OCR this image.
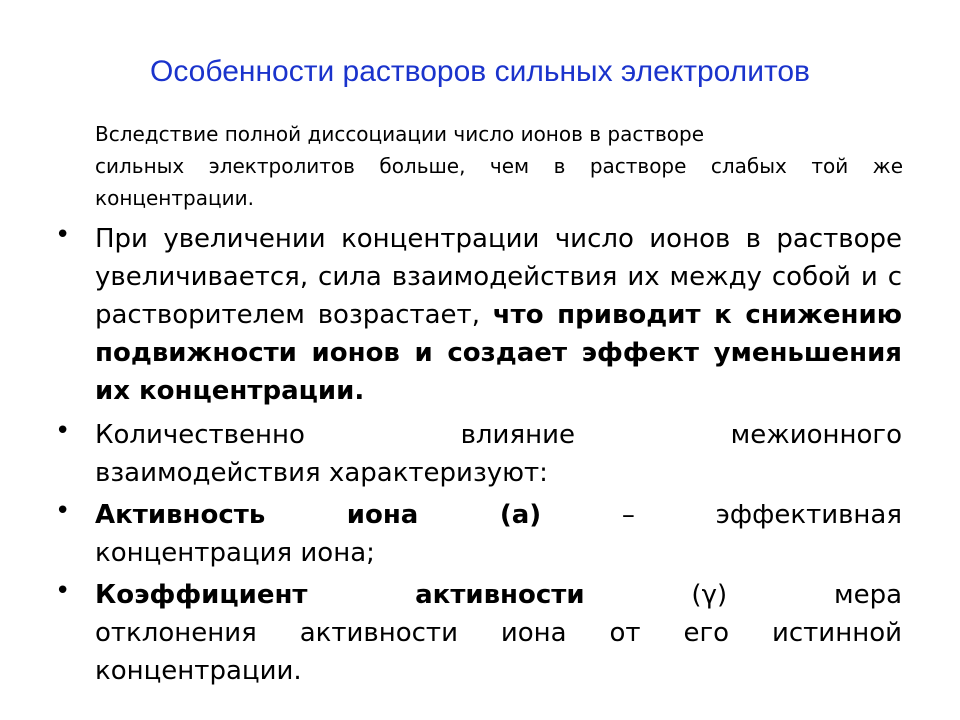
Особенности растворов сильных электролитов
Вследствие полной диссоциации число ионов в растворе
сильных электролитов больше, чем в растворе слабых той же концентрации.
• При увеличении концентрации число ионов в растворе увеличивается, сила взаимодействия их между собой и с растворителем возрастает, что приводит к снижению подвижности ионов и создает эффект уменьшения их концентрации.
• Количественно влияние межионного
взаимодействия характеризуют:
• Активность иона (а) – эффективная
концентрация иона;
• Коэффициент активности (γ) мера
отклонения активности иона от его истинной концентрации.
